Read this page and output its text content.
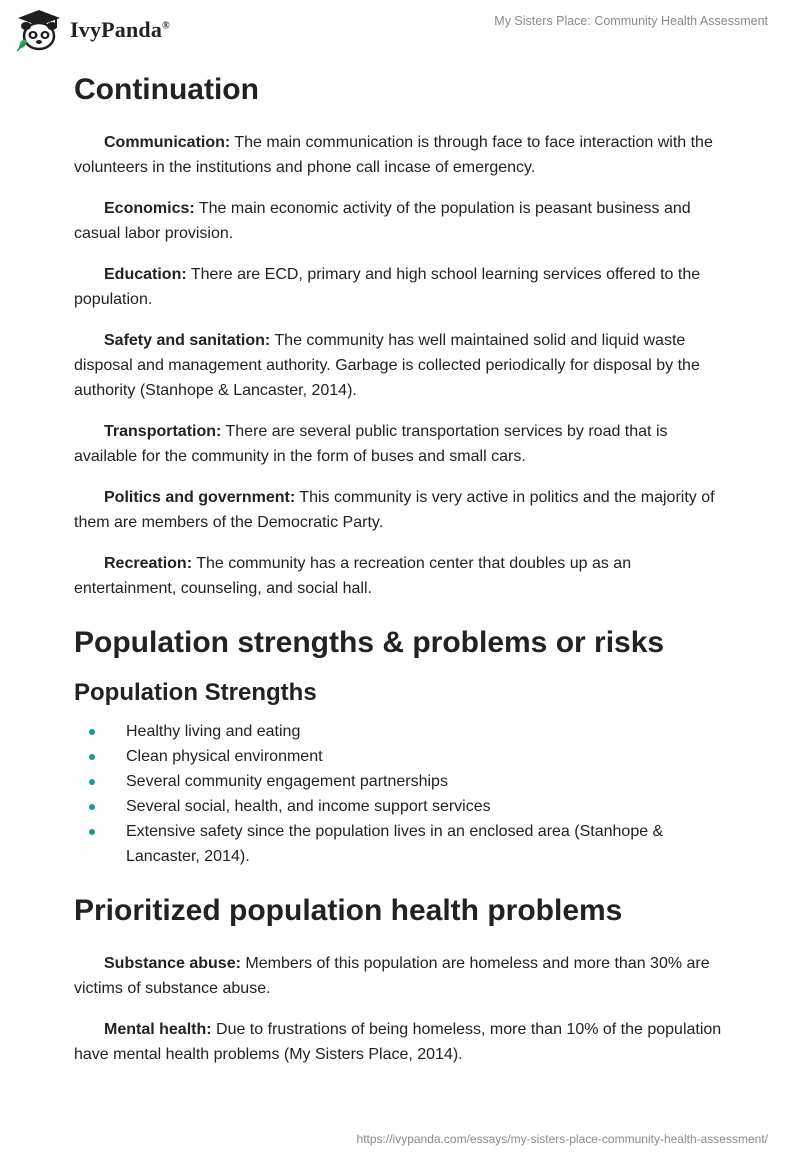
IvyPanda®	My Sisters Place: Community Health Assessment
Continuation

Communication: The main communication is through face to face interaction with the volunteers in the institutions and phone call incase of emergency.

Economics: The main economic activity of the population is peasant business and casual labor provision.

Education: There are ECD, primary and high school learning services offered to the population.

Safety and sanitation: The community has well maintained solid and liquid waste disposal and management authority. Garbage is collected periodically for disposal by the authority (Stanhope & Lancaster, 2014).

Transportation: There are several public transportation services by road that is available for the community in the form of buses and small cars.

Politics and government: This community is very active in politics and the majority of them are members of the Democratic Party.

Recreation: The community has a recreation center that doubles up as an entertainment, counseling, and social hall.

Population strengths & problems or risks
Population Strengths
Healthy living and eating
Clean physical environment
Several community engagement partnerships
Several social, health, and income support services
Extensive safety since the population lives in an enclosed area (Stanhope & Lancaster, 2014).
Prioritized population health problems

Substance abuse: Members of this population are homeless and more than 30% are victims of substance abuse.

Mental health: Due to frustrations of being homeless, more than 10% of the population have mental health problems (My Sisters Place, 2014).

https://ivypanda.com/essays/my-sisters-place-community-health-assessment/
